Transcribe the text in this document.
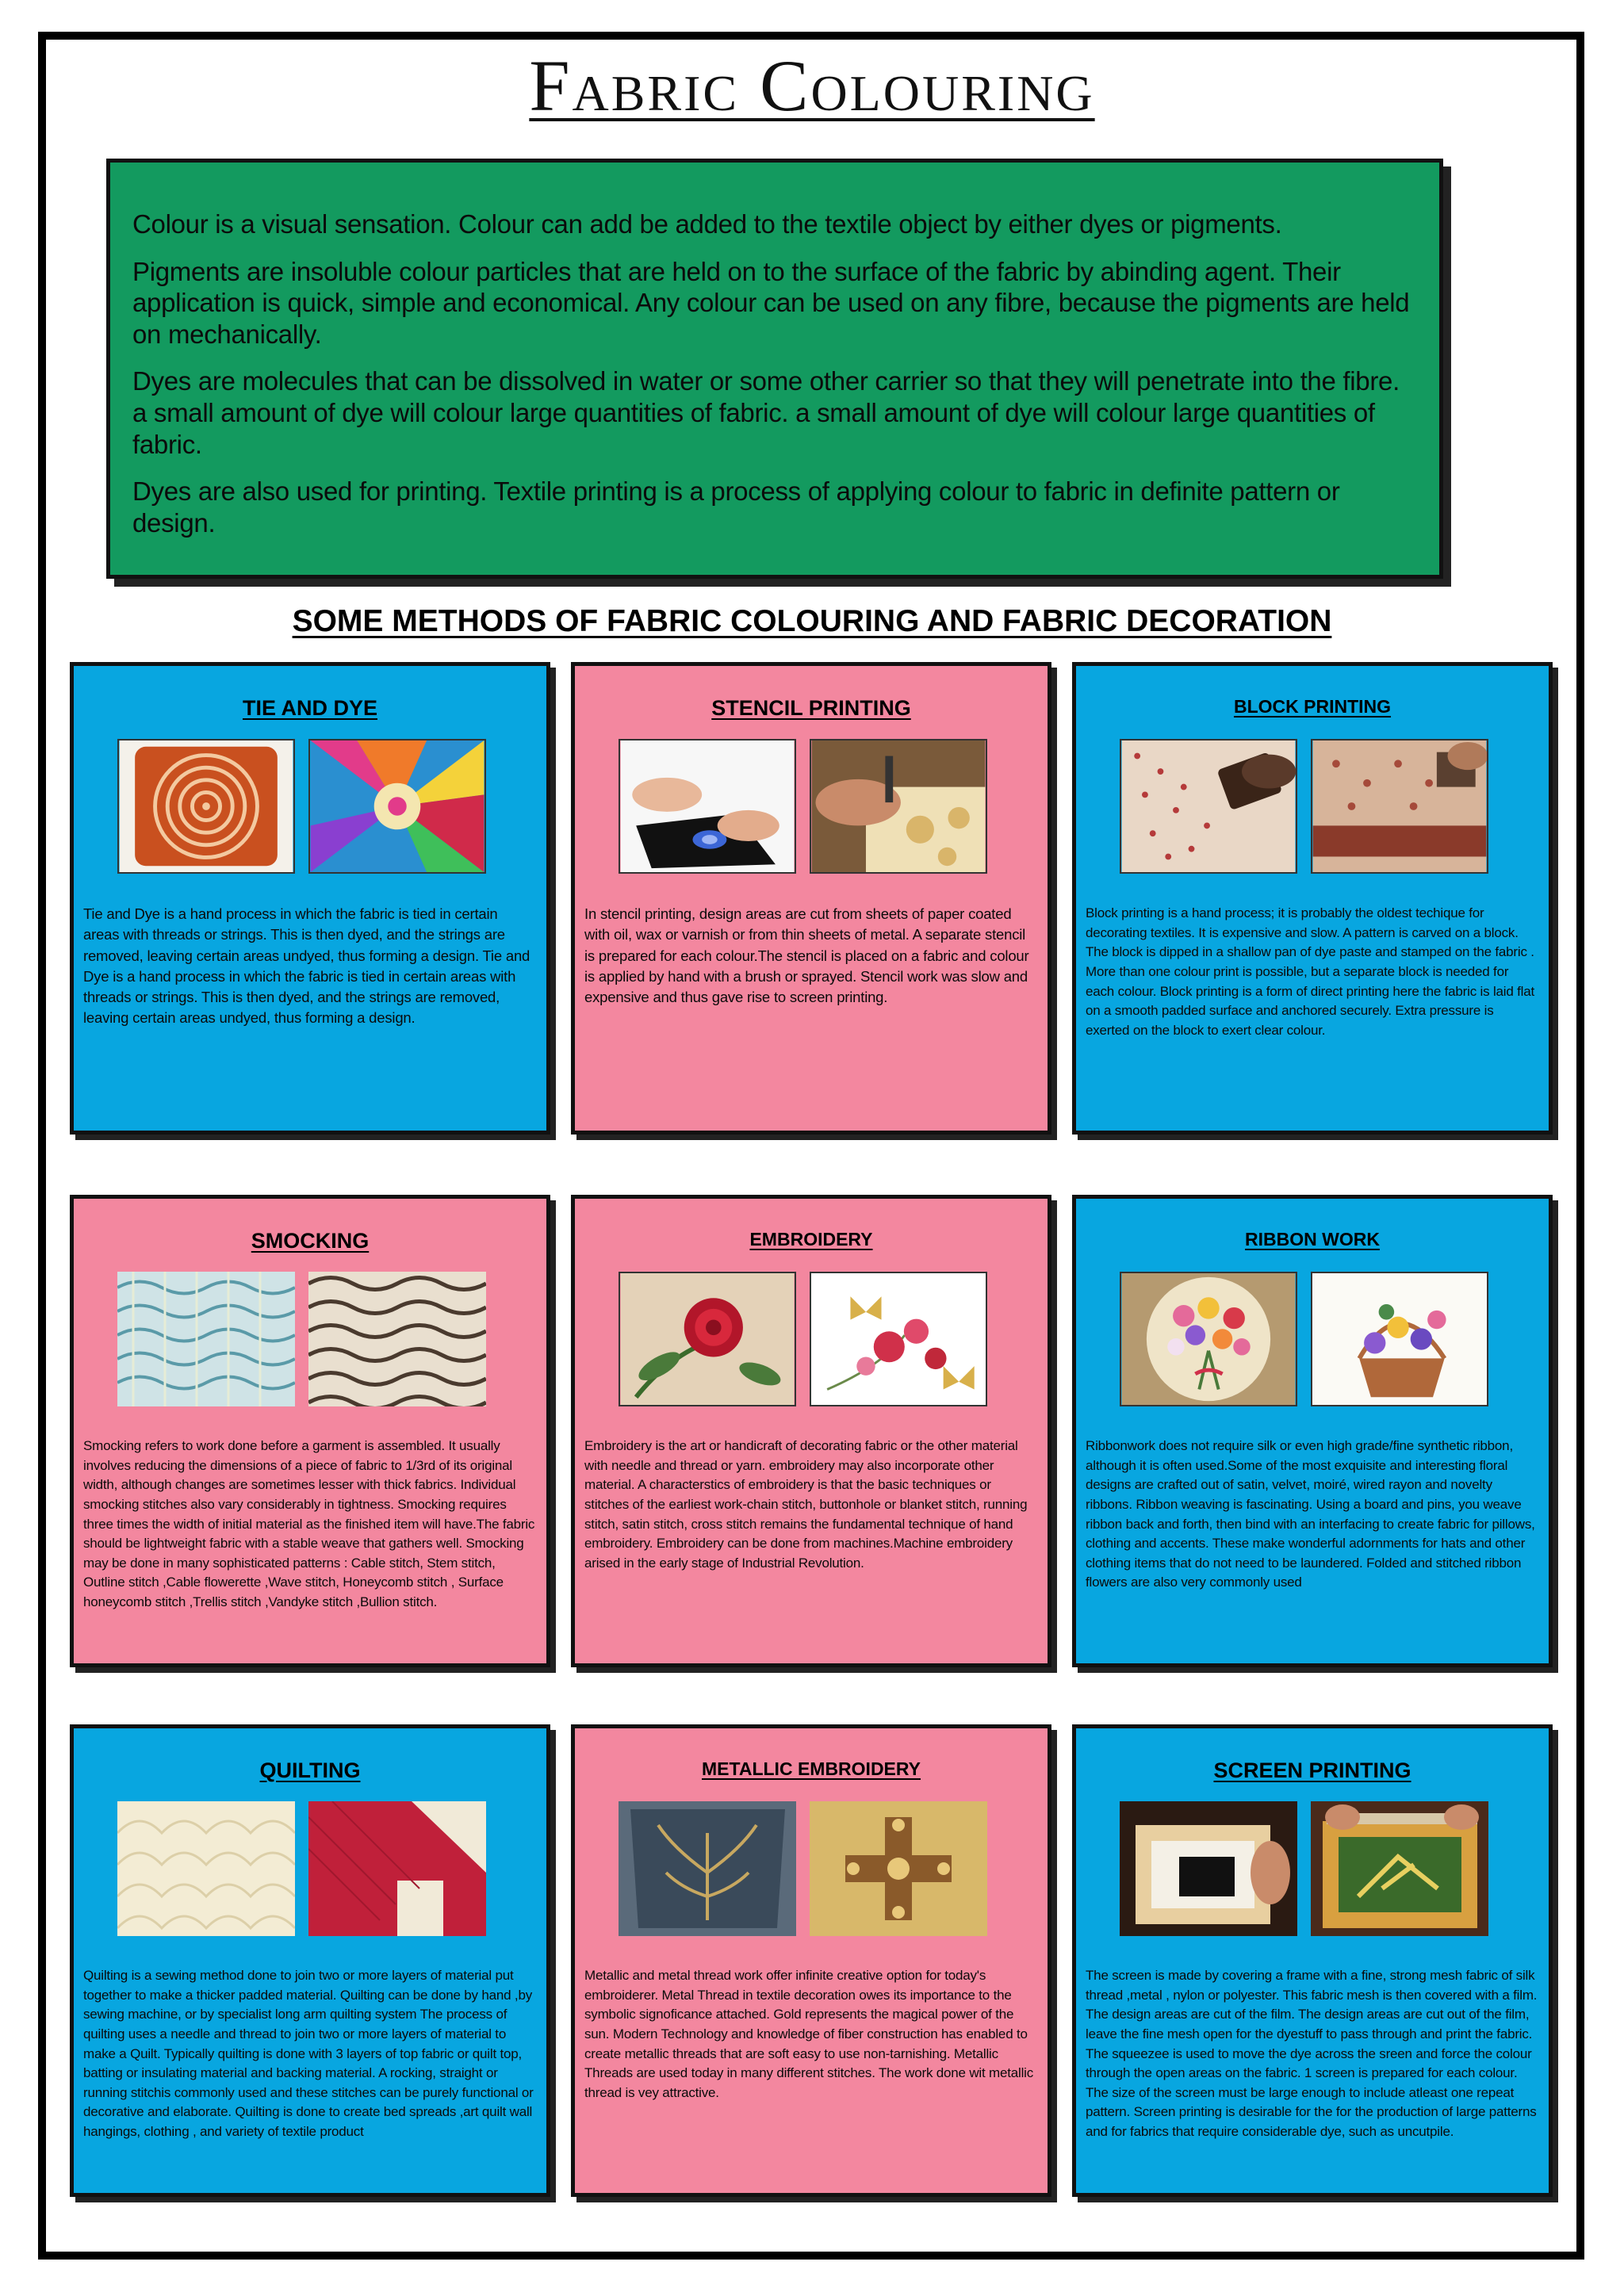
Fabric Colouring

Colour is a visual sensation. Colour can add be added to the textile object by either dyes or pigments.

Pigments are insoluble colour particles that are held on to the surface of the fabric by abinding agent. Their application is quick, simple and economical. Any colour can be used on any fibre, because the pigments are held on mechanically.

Dyes are molecules that can be dissolved in water or some other carrier so that they will penetrate into the fibre. a small amount of dye will colour large quantities of fabric. a small amount of dye will colour large quantities of fabric.

Dyes are also used for printing. Textile printing is a process of applying colour to fabric in definite pattern or design.

SOME METHODS OF FABRIC COLOURING AND FABRIC DECORATION
TIE AND DYE
Tie and Dye is a hand process in which the fabric is tied in certain areas with threads or strings. This is then dyed, and the strings are removed, leaving certain areas undyed, thus forming a design. Tie and Dye is a hand process in which the fabric is tied in certain areas with threads or strings. This is then dyed, and the strings are removed, leaving certain areas undyed, thus forming a design.
STENCIL PRINTING
In stencil printing, design areas are cut from sheets of paper coated with oil, wax or varnish or from thin sheets of metal. A separate stencil is prepared for each colour.The stencil is placed on a fabric and colour is applied by hand with a brush or sprayed. Stencil work was slow and expensive and thus gave rise to screen printing.
BLOCK PRINTING
Block printing is a hand process; it is probably the oldest techique for decorating textiles. It is expensive and slow. A pattern is carved on a block. The block is dipped in a shallow pan of dye paste and stamped on the fabric . More than one colour print is possible, but a separate block is needed for each colour. Block printing is a form of direct printing here the fabric is laid flat on a smooth padded surface and anchored securely. Extra pressure is exerted on the block to exert clear colour.
SMOCKING
Smocking refers to work done before a garment is assembled. It usually involves reducing the dimensions of a piece of fabric to 1/3rd of its original width, although changes are sometimes lesser with thick fabrics. Individual smocking stitches also vary considerably in tightness. Smocking requires three times the width of initial material as the finished item will have.The fabric should be lightweight fabric with a stable weave that gathers well. Smocking may be done in many sophisticated patterns : Cable stitch, Stem stitch, Outline stitch ,Cable flowerette ,Wave stitch, Honeycomb stitch , Surface honeycomb stitch ,Trellis stitch ,Vandyke stitch ,Bullion stitch.
EMBROIDERY
Embroidery is the art or handicraft of decorating fabric or the other material with needle and thread or yarn. embroidery may also incorporate other material. A characterstics of embroidery is that the basic techniques or stitches of the earliest work-chain stitch, buttonhole or blanket stitch, running stitch, satin stitch, cross stitch remains the fundamental technique of hand embroidery. Embroidery can be done from machines.Machine embroidery arised in the early stage of Industrial Revolution.
RIBBON WORK
Ribbonwork does not require silk or even high grade/fine synthetic ribbon, although it is often used.Some of the most exquisite and interesting floral designs are crafted out of satin, velvet, moiré, wired rayon and novelty ribbons. Ribbon weaving is fascinating. Using a board and pins, you weave ribbon back and forth, then bind with an interfacing to create fabric for pillows, clothing and accents. These make wonderful adornments for hats and other clothing items that do not need to be laundered. Folded and stitched ribbon flowers are also very commonly used
QUILTING
Quilting is a sewing method done to join two or more layers of material put together to make a thicker padded material. Quilting can be done by hand ,by sewing machine, or by specialist long arm quilting system The process of quilting uses a needle and thread to join two or more layers of material to make a Quilt. Typically quilting is done with 3 layers of top fabric or quilt top, batting or insulating material and backing material. A rocking, straight or running stitchis commonly used and these stitches can be purely functional or decorative and elaborate. Quilting is done to create bed spreads ,art quilt wall hangings, clothing , and variety of textile product
METALLIC EMBROIDERY
Metallic and metal thread work offer infinite creative option for today's embroiderer. Metal Thread in textile decoration owes its importance to the symbolic signoficance attached. Gold represents the magical power of the sun. Modern Technology and knowledge of fiber construction has enabled to create metallic threads that are soft easy to use non-tarnishing. Metallic Threads are used today in many different stitches. The work done wit metallic thread is vey attractive.
SCREEN PRINTING
The screen is made by covering a frame with a fine, strong mesh fabric of silk thread ,metal , nylon or polyester. This fabric mesh is then covered with a film. The design areas are cut of the film. The design areas are cut out of the film, leave the fine mesh open for the dyestuff to pass through and print the fabric. The squeezee is used to move the dye across the sreen and force the colour through the open areas on the fabric. 1 screen is prepared for each colour. The size of the screen must be large enough to include atleast one repeat pattern. Screen printing is desirable for the for the production of large patterns and for fabrics that require considerable dye, such as uncutpile.
